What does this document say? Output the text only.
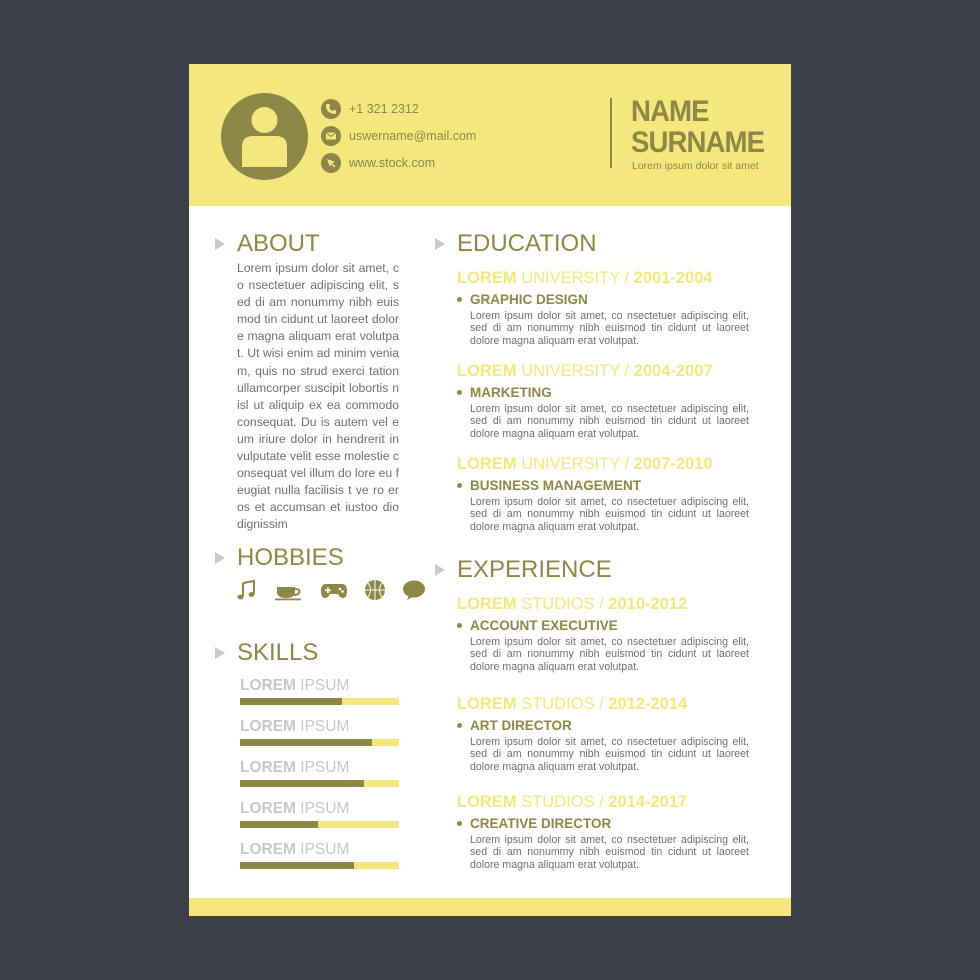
+1 321 2312
uswername@mail.com
www.stock.com
NAME
SURNAME
Lorem ipsum dolor sit amet
ABOUT
Lorem ipsum dolor sit amet, co nsectetuer adipiscing elit, sed di am nonummy nibh euismod tin cidunt ut laoreet dolore magna aliquam erat volutpat. Ut wisi enim ad minim veniam, quis no strud exerci tation ullamcorper suscipit lobortis nisl ut aliquip ex ea commodo consequat. Du is autem vel eum iriure dolor in hendrerit in vulputate velit esse molestie consequat vel illum do lore eu feugiat nulla facilisis t ve ro eros et accumsan et iustoo dio dignissim
HOBBIES
SKILLS
LOREM IPSUM
LOREM IPSUM
LOREM IPSUM
LOREM IPSUM
LOREM IPSUM
EDUCATION
LOREM UNIVERSITY / 2001-2004
GRAPHIC DESIGN
Lorem ipsum dolor sit amet, co nsectetuer adipiscing elit, sed di am nonummy nibh euismod tin cidunt ut laoreet dolore magna aliquam erat volutpat.
LOREM UNIVERSITY / 2004-2007
MARKETING
Lorem ipsum dolor sit amet, co nsectetuer adipiscing elit, sed di am nonummy nibh euismod tin cidunt ut laoreet dolore magna aliquam erat volutpat.
LOREM UNIVERSITY / 2007-2010
BUSINESS MANAGEMENT
Lorem ipsum dolor sit amet, co nsectetuer adipiscing elit, sed di am nonummy nibh euismod tin cidunt ut laoreet dolore magna aliquam erat volutpat.
EXPERIENCE
LOREM STUDIOS / 2010-2012
ACCOUNT EXECUTIVE
Lorem ipsum dolor sit amet, co nsectetuer adipiscing elit, sed di am nonummy nibh euismod tin cidunt ut laoreet dolore magna aliquam erat volutpat.
LOREM STUDIOS / 2012-2014
ART DIRECTOR
Lorem ipsum dolor sit amet, co nsectetuer adipiscing elit, sed di am nonummy nibh euismod tin cidunt ut laoreet dolore magna aliquam erat volutpat.
LOREM STUDIOS / 2014-2017
CREATIVE DIRECTOR
Lorem ipsum dolor sit amet, co nsectetuer adipiscing elit, sed di am nonummy nibh euismod tin cidunt ut laoreet dolore magna aliquam erat volutpat.
